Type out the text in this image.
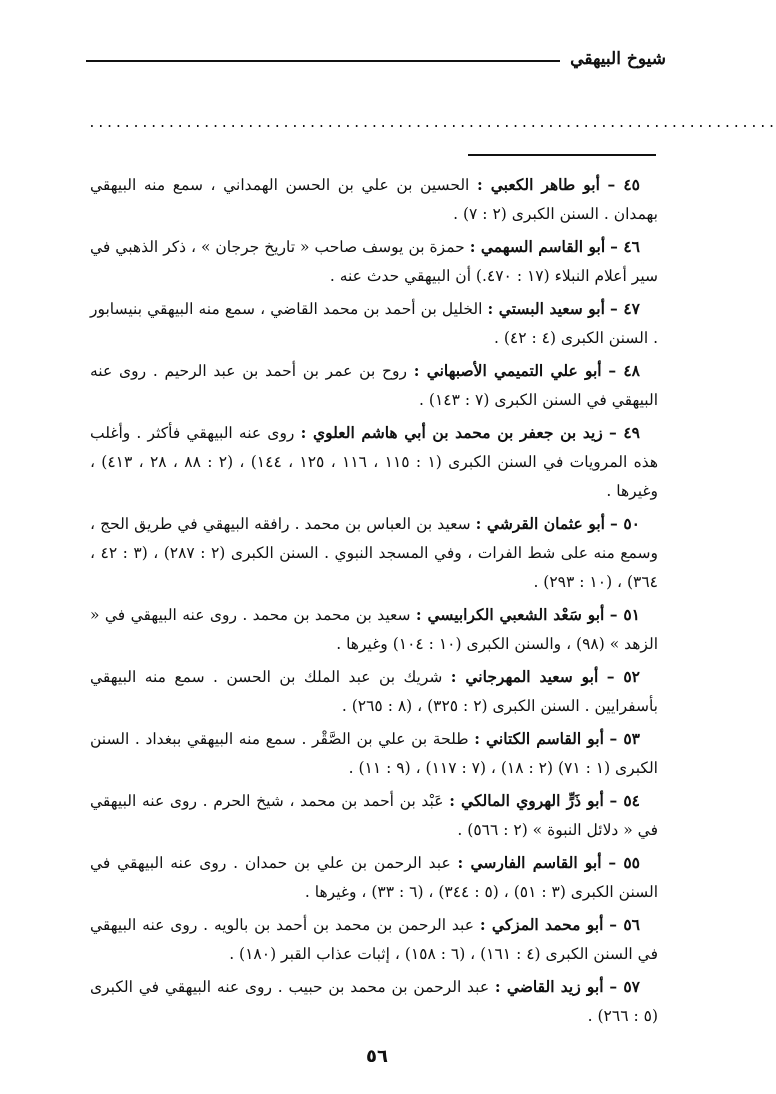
شيوخ البيهقي
..............................................................................

٤٥ – أبو طاهر الكعبي : الحسين بن علي بن الحسن الهمداني ، سمع منه البيهقي بهمدان . السنن الكبرى (٢ : ٧) .

٤٦ – أبو القاسم السهمي : حمزة بن يوسف صاحب « تاريخ جرجان » ، ذكر الذهبي في سير أعلام النبلاء (١٧ : ٤٧٠.) أن البيهقي حدث عنه .

٤٧ – أبو سعيد البستي : الخليل بن أحمد بن محمد القاضي ، سمع منه البيهقي بنيسابور . السنن الكبرى (٤ : ٤٢) .

٤٨ – أبو علي التميمي الأصبهاني : روح بن عمر بن أحمد بن عبد الرحيم . روى عنه البيهقي في السنن الكبرى (٧ : ١٤٣) .

٤٩ – زيد بن جعفر بن محمد بن أبي هاشم العلوي : روى عنه البيهقي فأكثر . وأغلب هذه المرويات في السنن الكبرى (١ : ١١٥ ، ١١٦ ، ١٢٥ ، ١٤٤) ، (٢ : ٨٨ ، ٢٨ ، ٤١٣) ، وغيرها .

٥٠ – أبو عثمان القرشي : سعيد بن العباس بن محمد . رافقه البيهقي في طريق الحج ، وسمع منه على شط الفرات ، وفي المسجد النبوي . السنن الكبرى (٢ : ٢٨٧) ، (٣ : ٤٢ ، ٣٦٤) ، (١٠ : ٢٩٣) .

٥١ – أبو سَعْد الشعبي الكرابيسي : سعيد بن محمد بن محمد . روى عنه البيهقي في « الزهد » (٩٨) ، والسنن الكبرى (١٠ : ١٠٤) وغيرها .

٥٢ – أبو سعيد المهرجاني : شريك بن عبد الملك بن الحسن . سمع منه البيهقي بأسفرايين . السنن الكبرى (٢ : ٣٢٥) ، (٨ : ٢٦٥) .

٥٣ – أبو القاسم الكتاني : طلحة بن علي بن الصَّقْر . سمع منه البيهقي ببغداد . السنن الكبرى (١ : ٧١) (٢ : ١٨) ، (٧ : ١١٧) ، (٩ : ١١) .

٥٤ – أبو ذَرٍّ الهروي المالكي : عَبْد بن أحمد بن محمد ، شيخ الحرم . روى عنه البيهقي في « دلائل النبوة » (٢ : ٥٦٦) .

٥٥ – أبو القاسم الفارسي : عبد الرحمن بن علي بن حمدان . روى عنه البيهقي في السنن الكبرى (٣ : ٥١) ، (٥ : ٣٤٤) ، (٦ : ٣٣) ، وغيرها .

٥٦ – أبو محمد المزكي : عبد الرحمن بن محمد بن أحمد بن بالويه . روى عنه البيهقي في السنن الكبرى (٤ : ١٦١) ، (٦ : ١٥٨) ، إثبات عذاب القبر (١٨٠) .

٥٧ – أبو زيد القاضي : عبد الرحمن بن محمد بن حبيب . روى عنه البيهقي في الكبرى (٥ : ٢٦٦) .

٥٦
